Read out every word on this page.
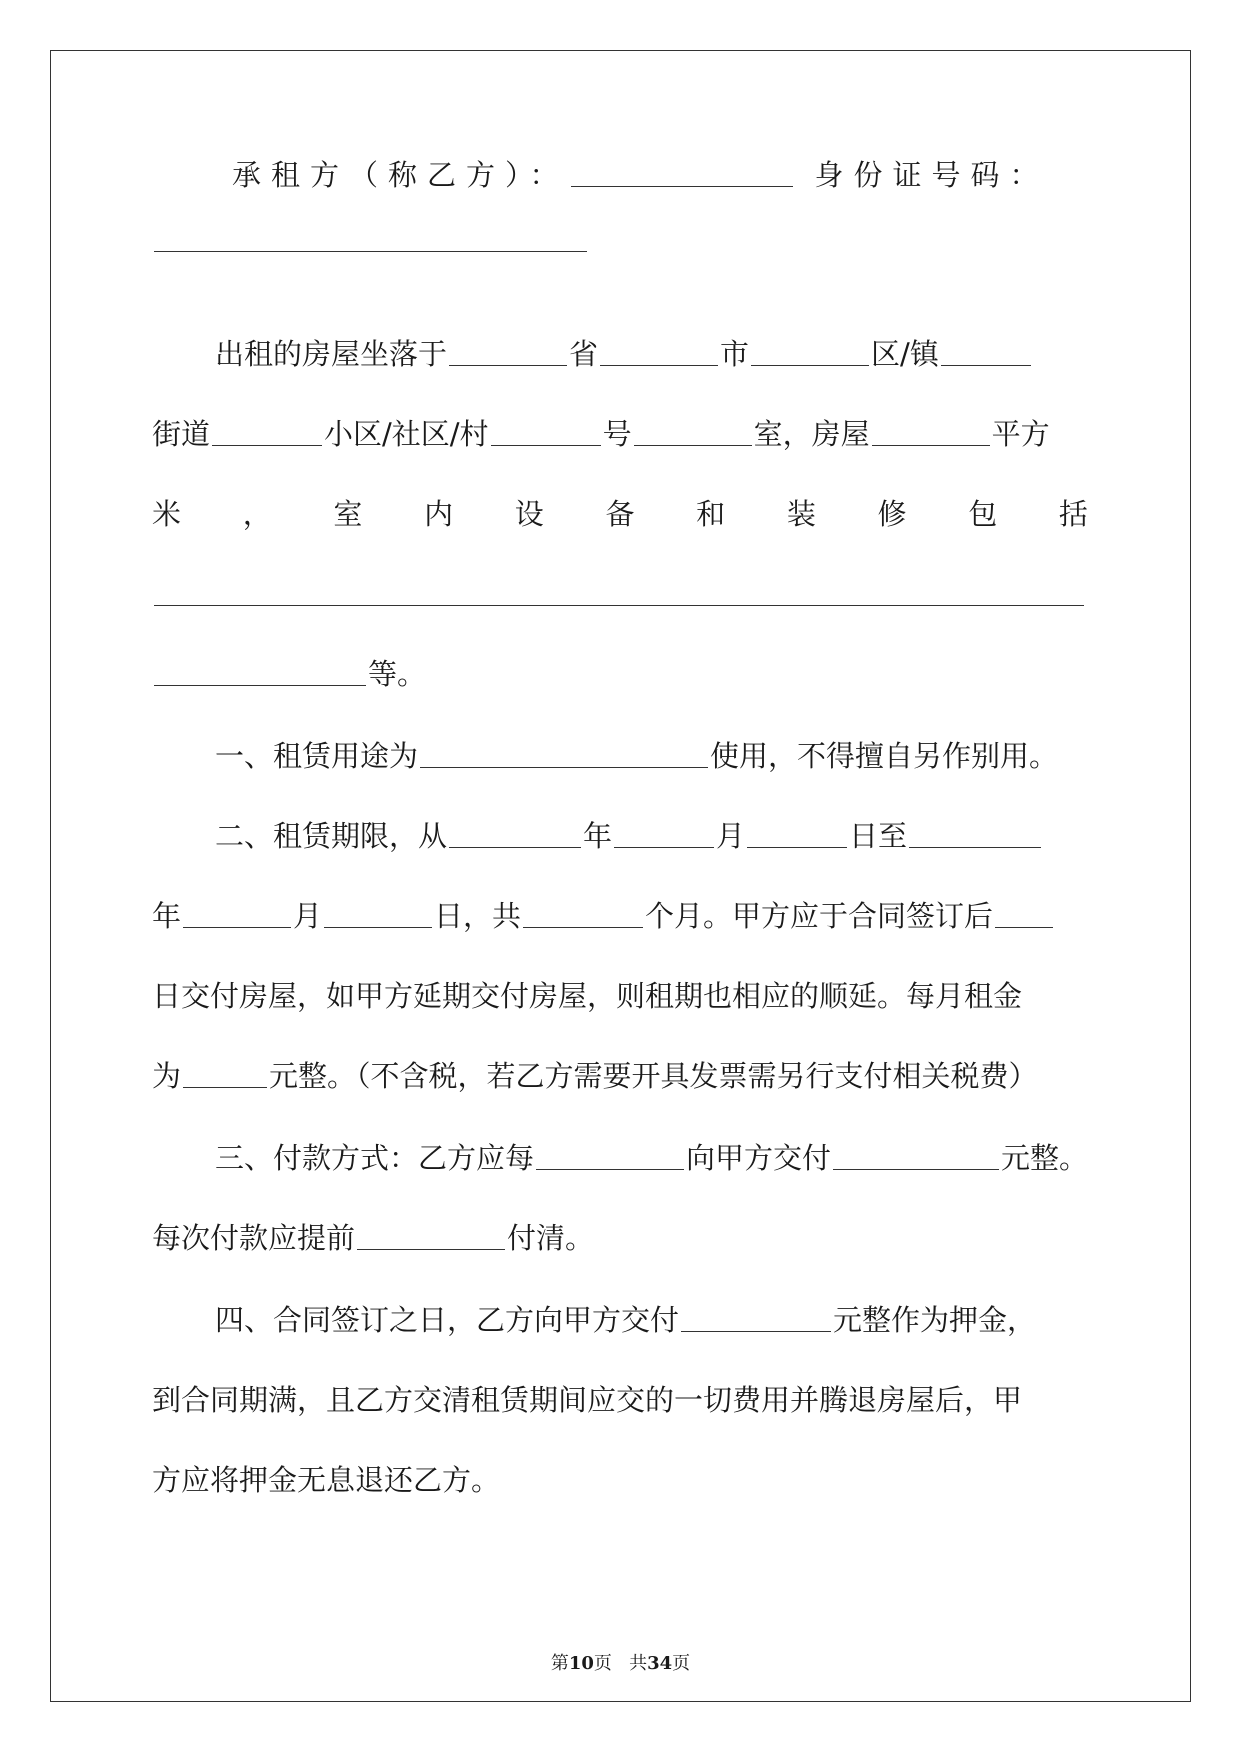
承租方（称乙方）：	身份证号码：
出租的房屋坐落于	省	市	区/镇
街道	小区/社区/村	号	室，房屋	平方
米 ， 室 内 设 备 和 装 修 包 括
等。
一、租赁用途为	使用，不得擅自另作别用。
二、租赁期限，从	年	月	日至
年	月	日，共	个月。甲方应于合同签订后
日交付房屋，如甲方延期交付房屋，则租期也相应的顺延。每月租金
为	元整。（不含税，若乙方需要开具发票需另行支付相关税费）
三、付款方式：乙方应每	向甲方交付	元整。
每次付款应提前	付清。
四、合同签订之日，乙方向甲方交付	元整作为押金，
到合同期满，且乙方交清租赁期间应交的一切费用并腾退房屋后，甲
方应将押金无息退还乙方。
第10页 共34页
